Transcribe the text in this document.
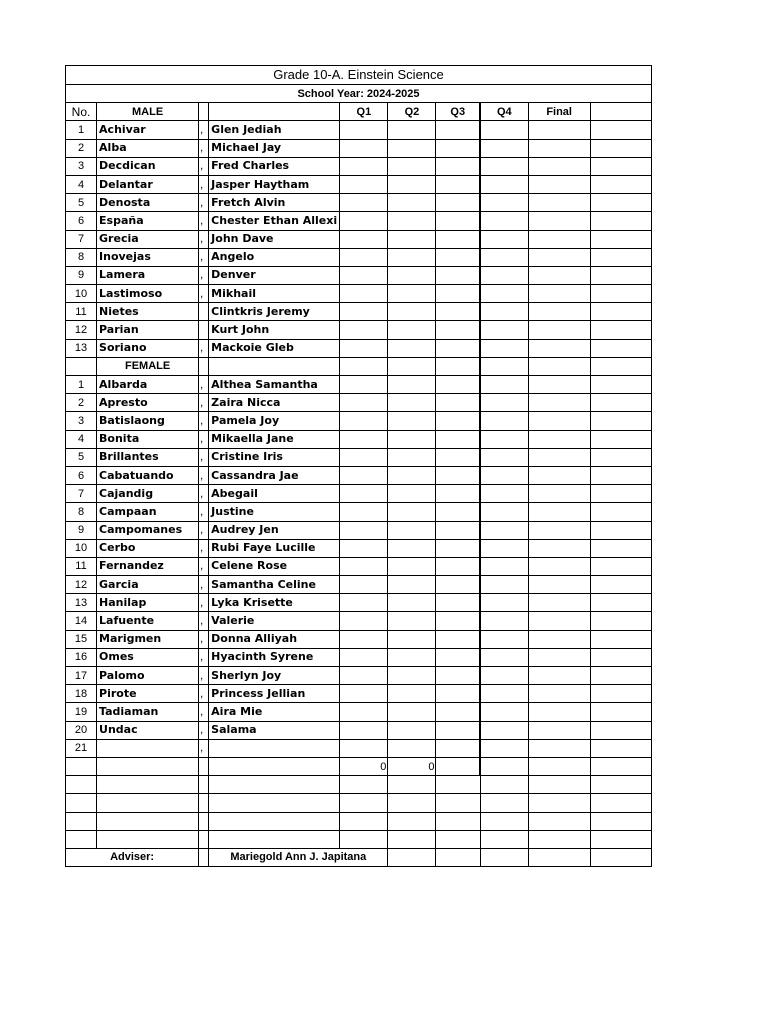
Grade 10-A. Einstein Science									
School Year: 2024-2025									
No.	MALE			Q1	Q2	Q3	Q4	Final	
1	Achivar	,	Glen Jediah						
2	Alba	,	Michael Jay						
3	Decdican	,	Fred Charles						
4	Delantar	,	Jasper Haytham						
5	Denosta	,	Fretch Alvin						
6	España	,	Chester Ethan Allexi						
7	Grecia	,	John Dave						
8	Inovejas	,	Angelo						
9	Lamera	,	Denver						
10	Lastimoso	,	Mikhail						
11	Nietes		Clintkris Jeremy						
12	Parian		Kurt John						
13	Soriano	,	Mackoie Gleb						
	FEMALE								
1	Albarda	,	Althea Samantha						
2	Apresto	,	Zaira Nicca						
3	Batislaong	,	Pamela Joy						
4	Bonita	,	Mikaella Jane						
5	Brillantes	,	Cristine Iris						
6	Cabatuando	,	Cassandra Jae						
7	Cajandig	,	Abegail						
8	Campaan	,	Justine						
9	Campomanes	,	Audrey Jen						
10	Cerbo	,	Rubi Faye Lucille						
11	Fernandez	,	Celene Rose						
12	Garcia	,	Samantha Celine						
13	Hanilap	,	Lyka Krisette						
14	Lafuente	,	Valerie						
15	Marigmen	,	Donna Alliyah						
16	Omes	,	Hyacinth Syrene						
17	Palomo	,	Sherlyn Joy						
18	Pirote	,	Princess Jellian						
19	Tadiaman	,	Aira Mie						
20	Undac	,	Salama						
21		,							
				0	0				

Adviser:			Mariegold Ann J. Japitana						
